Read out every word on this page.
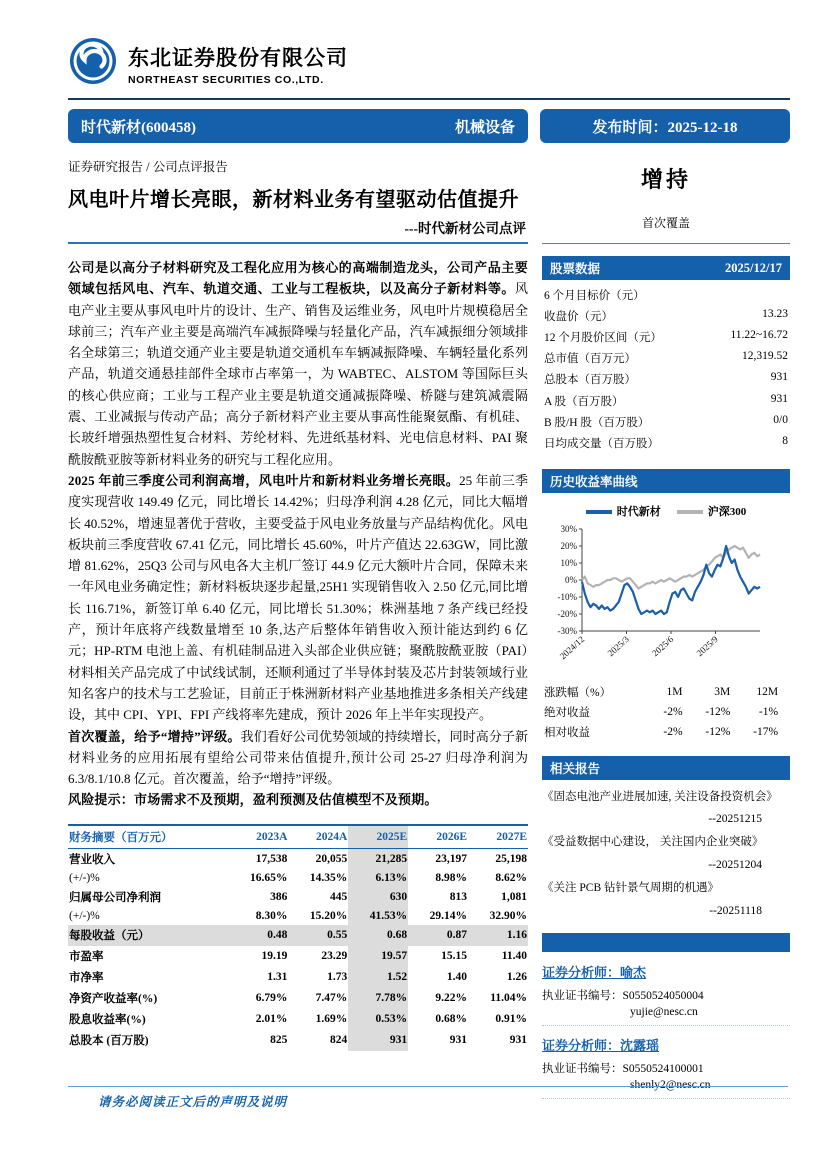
东北证券股份有限公司
NORTHEAST SECURITIES CO.,LTD.
时代新材(600458)	机械设备	发布时间：2025-12-18
证券研究报告 / 公司点评报告
风电叶片增长亮眼，新材料业务有望驱动估值提升
---时代新材公司点评

公司是以高分子材料研究及工程化应用为核心的高端制造龙头，公司产品主要领域包括风电、汽车、轨道交通、工业与工程板块，以及高分子新材料等。风电产业主要从事风电叶片的设计、生产、销售及运维业务，风电叶片规模稳居全球前三；汽车产业主要是高端汽车减振降噪与轻量化产品，汽车减振细分领域排名全球第三；轨道交通产业主要是轨道交通机车车辆减振降噪、车辆轻量化系列产品，轨道交通悬挂部件全球市占率第一，为 WABTEC、ALSTOM 等国际巨头的核心供应商；工业与工程产业主要是轨道交通减振降噪、桥隧与建筑减震隔震、工业减振与传动产品；高分子新材料产业主要从事高性能聚氨酯、有机硅、长玻纤增强热塑性复合材料、芳纶材料、先进纸基材料、光电信息材料、PAI 聚酰胺酰亚胺等新材料业务的研究与工程化应用。

2025 年前三季度公司利润高增，风电叶片和新材料业务增长亮眼。25 年前三季度实现营收 149.49 亿元，同比增长 14.42%；归母净利润 4.28 亿元，同比大幅增长 40.52%，增速显著优于营收，主要受益于风电业务放量与产品结构优化。风电板块前三季度营收 67.41 亿元，同比增长 45.60%，叶片产值达 22.63GW，同比激增 81.62%，25Q3 公司与风电各大主机厂签订 44.9 亿元大额叶片合同，保障未来一年风电业务确定性；新材料板块逐步起量,25H1 实现销售收入 2.50 亿元,同比增长 116.71%，新签订单 6.40 亿元，同比增长 51.30%；株洲基地 7 条产线已经投产，预计年底将产线数量增至 10 条,达产后整体年销售收入预计能达到约 6 亿元；HP-RTM 电池上盖、有机硅制品进入头部企业供应链；聚酰胺酰亚胺（PAI）材料相关产品完成了中试线试制，还顺利通过了半导体封装及芯片封装领域行业知名客户的技术与工艺验证，目前正于株洲新材料产业基地推进多条相关产线建设，其中 CPI、YPI、FPI 产线将率先建成，预计 2026 年上半年实现投产。

首次覆盖，给予“增持”评级。我们看好公司优势领域的持续增长，同时高分子新材料业务的应用拓展有望给公司带来估值提升,预计公司 25-27 归母净利润为 6.3/8.1/10.8 亿元。首次覆盖，给予“增持”评级。

风险提示：市场需求不及预期，盈利预测及估值模型不及预期。

财务摘要（百万元）	2023A	2024A	2025E	2026E	2027E
营业收入	17,538	20,055	21,285	23,197	25,198
(+/-)%	16.65%	14.35%	6.13%	8.98%	8.62%
归属母公司净利润	386	445	630	813	1,081
(+/-)%	8.30%	15.20%	41.53%	29.14%	32.90%
每股收益（元）	0.48	0.55	0.68	0.87	1.16
市盈率	19.19	23.29	19.57	15.15	11.40
市净率	1.31	1.73	1.52	1.40	1.26
净资产收益率(%)	6.79%	7.47%	7.78%	9.22%	11.04%
股息收益率(%)	2.01%	1.69%	0.53%	0.68%	0.91%
总股本 (百万股)	825	824	931	931	931
增持
首次覆盖
股票数据	2025/12/17
6 个月目标价（元）
收盘价（元）	13.23
12 个月股价区间（元）	11.22~16.72
总市值（百万元）	12,319.52
总股本（百万股）	931
A 股（百万股）	931
B 股/H 股（百万股）	0/0
日均成交量（百万股）	8
历史收益率曲线
时代新材	沪深300
30%
20%
10%
0%
-10%
-20%
-30%
2024/12 2025/3 2025/6 2025/9
涨跌幅（%）	1M	3M	12M
绝对收益	-2%	-12%	-1%
相对收益	-2%	-12%	-17%
相关报告
《固态电池产业进展加速, 关注设备投资机会》
--20251215
《受益数据中心建设， 关注国内企业突破》
--20251204
《关注 PCB 钻针景气周期的机遇》
--20251118
证券分析师：喻杰
执业证书编号：S0550524050004
yujie@nesc.cn
证券分析师：沈露瑶
执业证书编号：S0550524100001
shenly2@nesc.cn
请务必阅读正文后的声明及说明
